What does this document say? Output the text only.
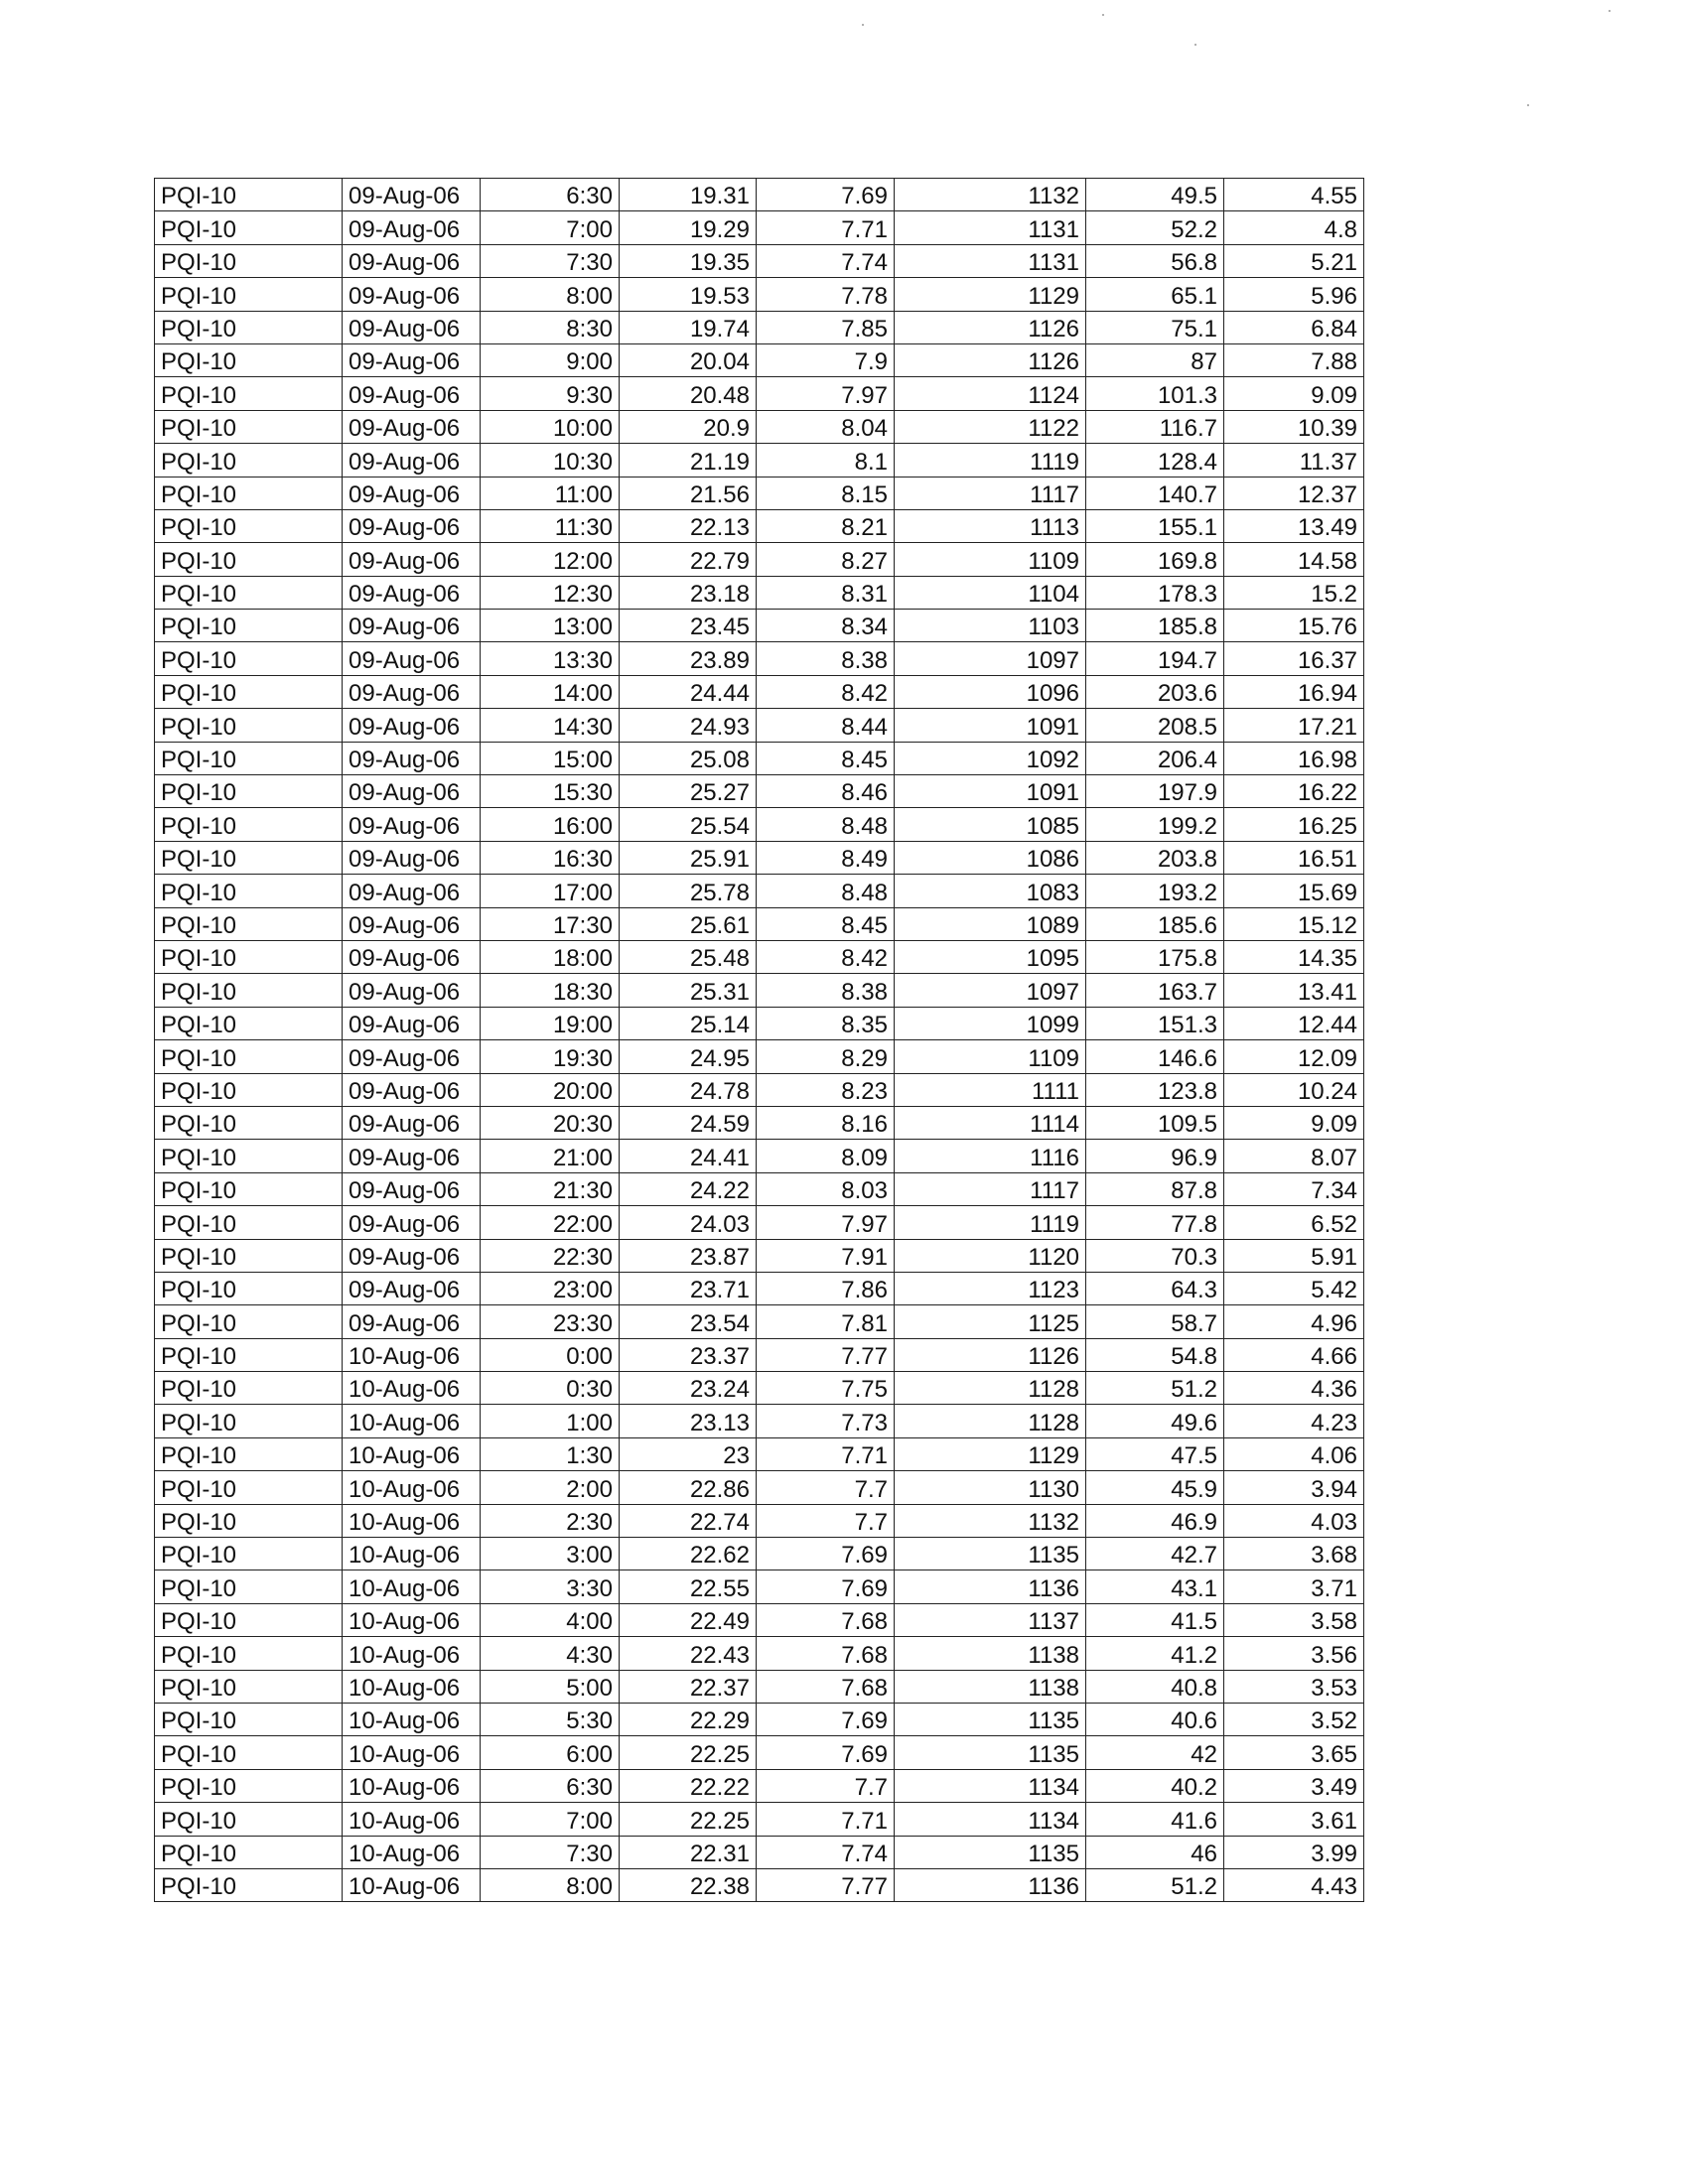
PQI-10	09-Aug-06	6:30	19.31	7.69	1132	49.5	4.55
PQI-10	09-Aug-06	7:00	19.29	7.71	1131	52.2	4.8
PQI-10	09-Aug-06	7:30	19.35	7.74	1131	56.8	5.21
PQI-10	09-Aug-06	8:00	19.53	7.78	1129	65.1	5.96
PQI-10	09-Aug-06	8:30	19.74	7.85	1126	75.1	6.84
PQI-10	09-Aug-06	9:00	20.04	7.9	1126	87	7.88
PQI-10	09-Aug-06	9:30	20.48	7.97	1124	101.3	9.09
PQI-10	09-Aug-06	10:00	20.9	8.04	1122	116.7	10.39
PQI-10	09-Aug-06	10:30	21.19	8.1	1119	128.4	11.37
PQI-10	09-Aug-06	11:00	21.56	8.15	1117	140.7	12.37
PQI-10	09-Aug-06	11:30	22.13	8.21	1113	155.1	13.49
PQI-10	09-Aug-06	12:00	22.79	8.27	1109	169.8	14.58
PQI-10	09-Aug-06	12:30	23.18	8.31	1104	178.3	15.2
PQI-10	09-Aug-06	13:00	23.45	8.34	1103	185.8	15.76
PQI-10	09-Aug-06	13:30	23.89	8.38	1097	194.7	16.37
PQI-10	09-Aug-06	14:00	24.44	8.42	1096	203.6	16.94
PQI-10	09-Aug-06	14:30	24.93	8.44	1091	208.5	17.21
PQI-10	09-Aug-06	15:00	25.08	8.45	1092	206.4	16.98
PQI-10	09-Aug-06	15:30	25.27	8.46	1091	197.9	16.22
PQI-10	09-Aug-06	16:00	25.54	8.48	1085	199.2	16.25
PQI-10	09-Aug-06	16:30	25.91	8.49	1086	203.8	16.51
PQI-10	09-Aug-06	17:00	25.78	8.48	1083	193.2	15.69
PQI-10	09-Aug-06	17:30	25.61	8.45	1089	185.6	15.12
PQI-10	09-Aug-06	18:00	25.48	8.42	1095	175.8	14.35
PQI-10	09-Aug-06	18:30	25.31	8.38	1097	163.7	13.41
PQI-10	09-Aug-06	19:00	25.14	8.35	1099	151.3	12.44
PQI-10	09-Aug-06	19:30	24.95	8.29	1109	146.6	12.09
PQI-10	09-Aug-06	20:00	24.78	8.23	1111	123.8	10.24
PQI-10	09-Aug-06	20:30	24.59	8.16	1114	109.5	9.09
PQI-10	09-Aug-06	21:00	24.41	8.09	1116	96.9	8.07
PQI-10	09-Aug-06	21:30	24.22	8.03	1117	87.8	7.34
PQI-10	09-Aug-06	22:00	24.03	7.97	1119	77.8	6.52
PQI-10	09-Aug-06	22:30	23.87	7.91	1120	70.3	5.91
PQI-10	09-Aug-06	23:00	23.71	7.86	1123	64.3	5.42
PQI-10	09-Aug-06	23:30	23.54	7.81	1125	58.7	4.96
PQI-10	10-Aug-06	0:00	23.37	7.77	1126	54.8	4.66
PQI-10	10-Aug-06	0:30	23.24	7.75	1128	51.2	4.36
PQI-10	10-Aug-06	1:00	23.13	7.73	1128	49.6	4.23
PQI-10	10-Aug-06	1:30	23	7.71	1129	47.5	4.06
PQI-10	10-Aug-06	2:00	22.86	7.7	1130	45.9	3.94
PQI-10	10-Aug-06	2:30	22.74	7.7	1132	46.9	4.03
PQI-10	10-Aug-06	3:00	22.62	7.69	1135	42.7	3.68
PQI-10	10-Aug-06	3:30	22.55	7.69	1136	43.1	3.71
PQI-10	10-Aug-06	4:00	22.49	7.68	1137	41.5	3.58
PQI-10	10-Aug-06	4:30	22.43	7.68	1138	41.2	3.56
PQI-10	10-Aug-06	5:00	22.37	7.68	1138	40.8	3.53
PQI-10	10-Aug-06	5:30	22.29	7.69	1135	40.6	3.52
PQI-10	10-Aug-06	6:00	22.25	7.69	1135	42	3.65
PQI-10	10-Aug-06	6:30	22.22	7.7	1134	40.2	3.49
PQI-10	10-Aug-06	7:00	22.25	7.71	1134	41.6	3.61
PQI-10	10-Aug-06	7:30	22.31	7.74	1135	46	3.99
PQI-10	10-Aug-06	8:00	22.38	7.77	1136	51.2	4.43
